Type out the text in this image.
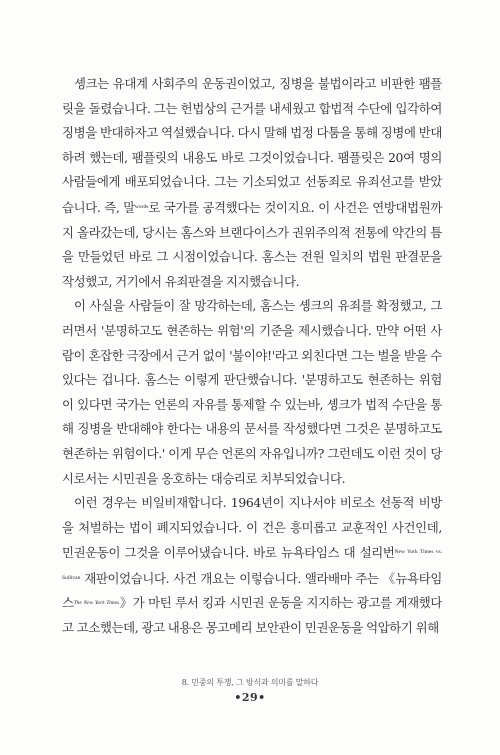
솅크는 유대계 사회주의 운동권이었고, 징병을 불법이라고 비판한 팸플릿을 돌렸습니다. 그는 헌법상의 근거를 내세웠고 합법적 수단에 입각하여 징병을 반대하자고 역설했습니다. 다시 말해 법정 다툼을 통해 징병에 반대하려 했는데, 팸플릿의 내용도 바로 그것이었습니다. 팸플릿은 20여 명의 사람들에게 배포되었습니다. 그는 기소되었고 선동죄로 유죄선고를 받았습니다. 즉, 말$^{words}$로 국가를 공격했다는 것이지요. 이 사건은 연방대법원까지 올라갔는데, 당시는 홈스와 브랜다이스가 권위주의적 전통에 약간의 틈을 만들었던 바로 그 시점이었습니다. 홈스는 전원 일치의 법원 판결문을 작성했고, 거기에서 유죄판결을 지지했습니다.

이 사실을 사람들이 잘 망각하는데, 홈스는 솅크의 유죄를 확정했고, 그러면서 '분명하고도 현존하는 위험'의 기준을 제시했습니다. 만약 어떤 사람이 혼잡한 극장에서 근거 없이 '불이야!'라고 외친다면 그는 벌을 받을 수 있다는 겁니다. 홈스는 이렇게 판단했습니다. '분명하고도 현존하는 위험이 있다면 국가는 언론의 자유를 통제할 수 있는바, 솅크가 법적 수단을 통해 징병을 반대해야 한다는 내용의 문서를 작성했다면 그것은 분명하고도 현존하는 위험이다.' 이게 무슨 언론의 자유입니까? 그런데도 이런 것이 당시로서는 시민권을 옹호하는 대승리로 치부되었습니다.

이런 경우는 비일비재합니다. 1964년이 지나서야 비로소 선동적 비방을 처벌하는 법이 폐지되었습니다. 이 건은 흥미롭고 교훈적인 사건인데, 민권운동이 그것을 이루어냈습니다. 바로 뉴욕타임스 대 설리번$^{New York Times vs. Sullivan}$ 재판이었습니다. 사건 개요는 이렇습니다. 앨라배마 주는 《뉴욕타임스$^{The New York Times}$》가 마틴 루서 킹과 시민권 운동을 지지하는 광고를 게재했다고 고소했는데, 광고 내용은 몽고메리 보안관이 민권운동을 억압하기 위해

8. 민중의 투쟁, 그 방식과 의미를 말하다
•29•
